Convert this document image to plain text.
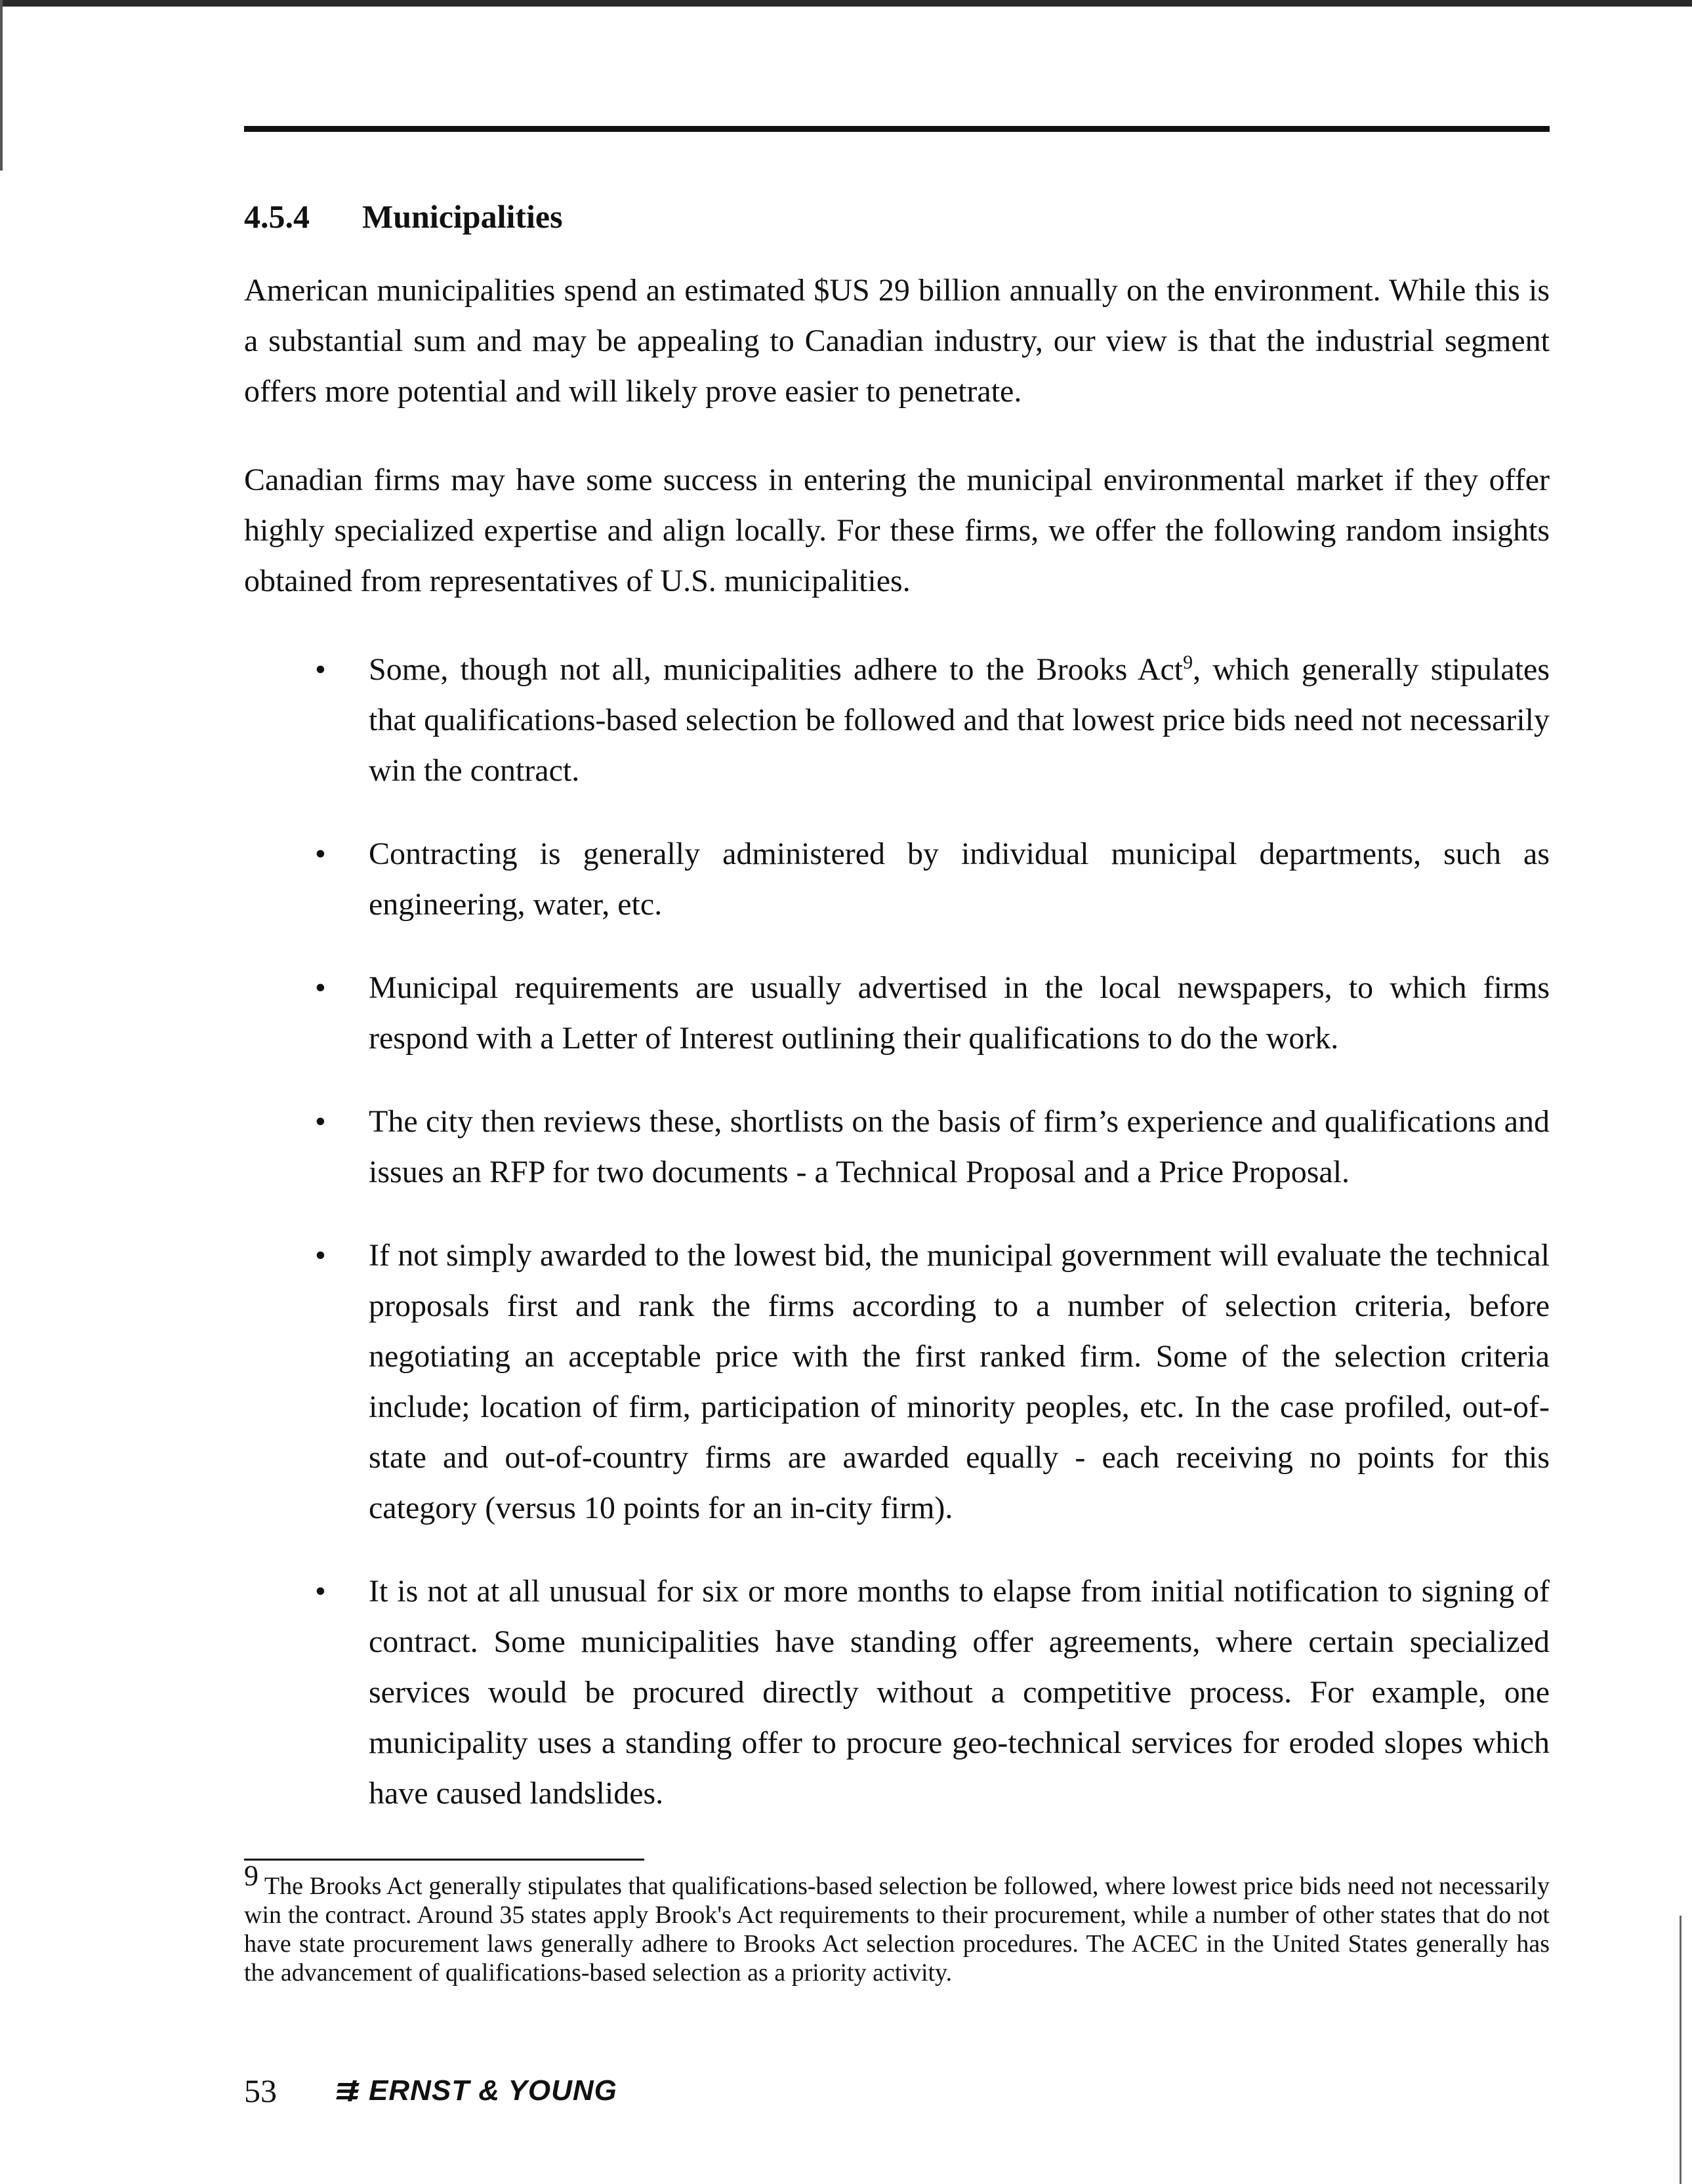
4.5.4 Municipalities

American municipalities spend an estimated $US 29 billion annually on the environment. While this is a substantial sum and may be appealing to Canadian industry, our view is that the industrial segment offers more potential and will likely prove easier to penetrate.

Canadian firms may have some success in entering the municipal environmental market if they offer highly specialized expertise and align locally. For these firms, we offer the following random insights obtained from representatives of U.S. municipalities.

• Some, though not all, municipalities adhere to the Brooks Act$^9$, which generally stipulates that qualifications-based selection be followed and that lowest price bids need not necessarily win the contract.
• Contracting is generally administered by individual municipal departments, such as engineering, water, etc.
• Municipal requirements are usually advertised in the local newspapers, to which firms respond with a Letter of Interest outlining their qualifications to do the work.
• The city then reviews these, shortlists on the basis of firm’s experience and qualifications and issues an RFP for two documents - a Technical Proposal and a Price Proposal.
• If not simply awarded to the lowest bid, the municipal government will evaluate the technical proposals first and rank the firms according to a number of selection criteria, before negotiating an acceptable price with the first ranked firm. Some of the selection criteria include; location of firm, participation of minority peoples, etc. In the case profiled, out-of-state and out-of-country firms are awarded equally - each receiving no points for this category (versus 10 points for an in-city firm).
• It is not at all unusual for six or more months to elapse from initial notification to signing of contract. Some municipalities have standing offer agreements, where certain specialized services would be procured directly without a competitive process. For example, one municipality uses a standing offer to procure geo-technical services for eroded slopes which have caused landslides.
$^9$ The Brooks Act generally stipulates that qualifications-based selection be followed, where lowest price bids need not necessarily win the contract. Around 35 states apply Brook's Act requirements to their procurement, while a number of other states that do not have state procurement laws generally adhere to Brooks Act selection procedures. The ACEC in the United States generally has the advancement of qualifications-based selection as a priority activity.
53	ERNST & YOUNG
